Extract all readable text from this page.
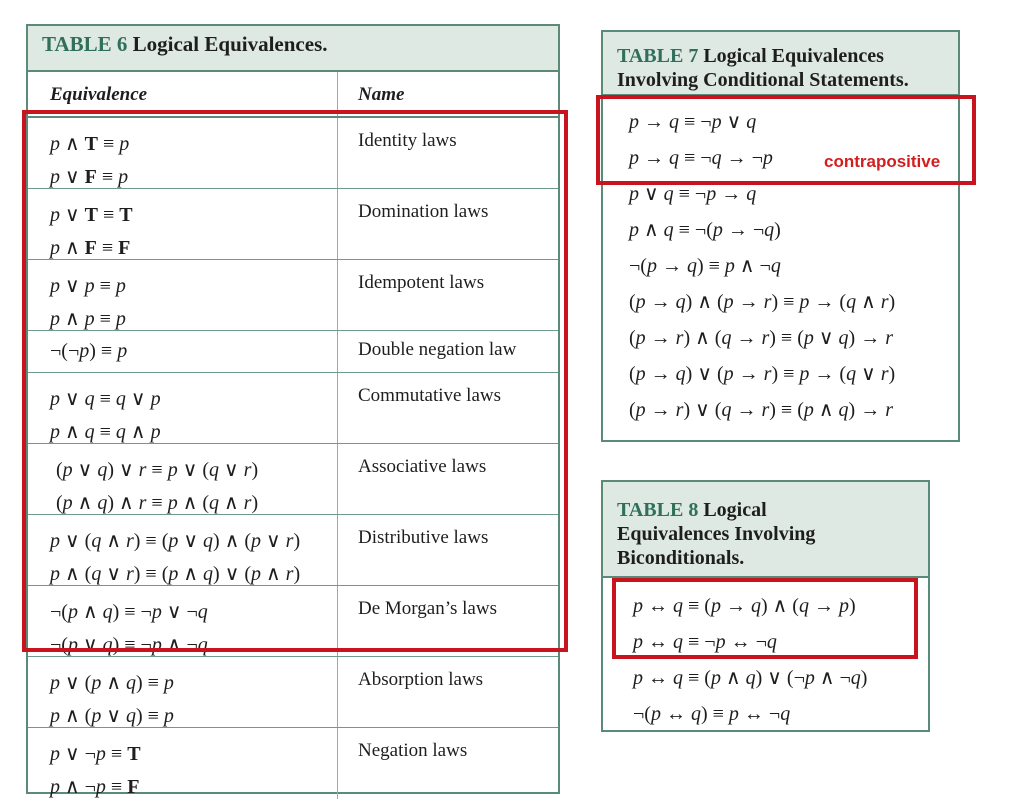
TABLE 6 Logical Equivalences.
Equivalence	Name
p ∧ T ≡ p
p ∨ F ≡ p
Identity laws
p ∨ T ≡ T
p ∧ F ≡ F
Domination laws
p ∨ p ≡ p
p ∧ p ≡ p
Idempotent laws
¬(¬p) ≡ p	Double negation law
p ∨ q ≡ q ∨ p
p ∧ q ≡ q ∧ p
Commutative laws
(p ∨ q) ∨ r ≡ p ∨ (q ∨ r)
(p ∧ q) ∧ r ≡ p ∧ (q ∧ r)
Associative laws
p ∨ (q ∧ r) ≡ (p ∨ q) ∧ (p ∨ r)
p ∧ (q ∨ r) ≡ (p ∧ q) ∨ (p ∧ r)
Distributive laws
¬(p ∧ q) ≡ ¬p ∨ ¬q
¬(p ∨ q) ≡ ¬p ∧ ¬q
De Morgan’s laws
p ∨ (p ∧ q) ≡ p
p ∧ (p ∨ q) ≡ p
Absorption laws
p ∨ ¬p ≡ T
p ∧ ¬p ≡ F
Negation laws
TABLE 7 Logical Equivalences Involving Conditional Statements.
p → q ≡ ¬p ∨ q
p → q ≡ ¬q → ¬p
p ∨ q ≡ ¬p → q
p ∧ q ≡ ¬(p → ¬q)
¬(p → q) ≡ p ∧ ¬q
(p → q) ∧ (p → r) ≡ p → (q ∧ r)
(p → r) ∧ (q → r) ≡ (p ∨ q) → r
(p → q) ∨ (p → r) ≡ p → (q ∨ r)
(p → r) ∨ (q → r) ≡ (p ∧ q) → r
TABLE 8 Logical Equivalences Involving Biconditionals.
p ↔ q ≡ (p → q) ∧ (q → p)
p ↔ q ≡ ¬p ↔ ¬q
p ↔ q ≡ (p ∧ q) ∨ (¬p ∧ ¬q)
¬(p ↔ q) ≡ p ↔ ¬q
contrapositive
